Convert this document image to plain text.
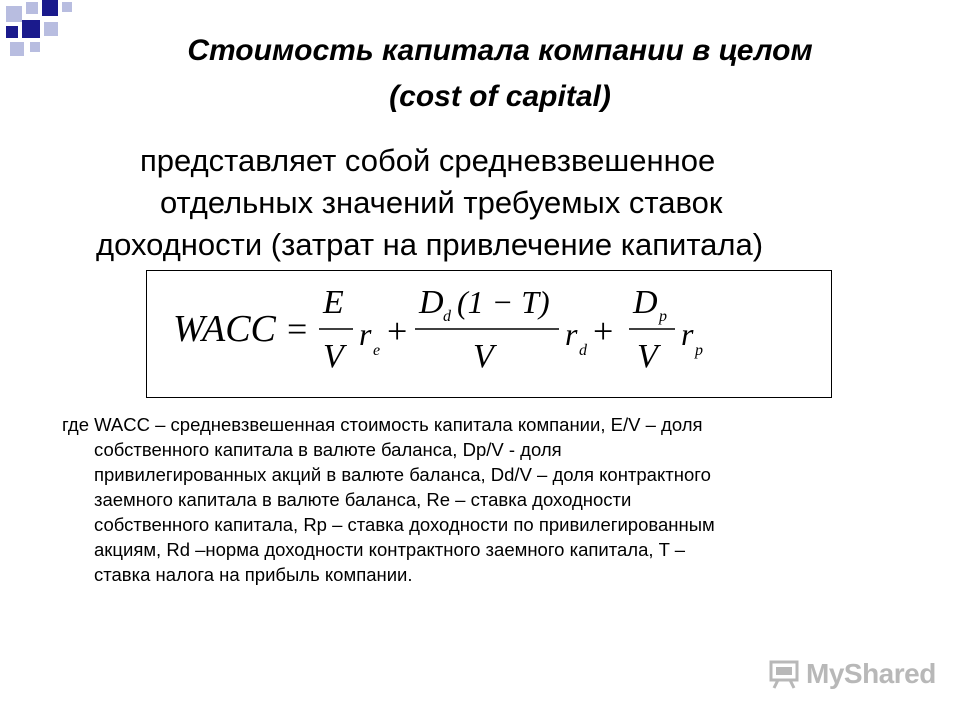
Стоимость капитала компании в целом
(cost of capital)

представляет собой средневзвешенное
отдельных значений требуемых ставок
доходности (затрат на привлечение капитала)

WACC =
E
V
r e +
D d (1 − T)
V
r d +
D p
V
r p

где WACC – средневзвешенная стоимость капитала компании, E/V – доля
собственного капитала в валюте баланса, Dp/V - доля
привилегированных акций в валюте баланса, Dd/V – доля контрактного
заемного капитала в валюте баланса, Re – ставка доходности
собственного капитала, Rp – ставка доходности по привилегированным
акциям, Rd –норма доходности контрактного заемного капитала, T –
ставка налога на прибыль компании.

MyShared
